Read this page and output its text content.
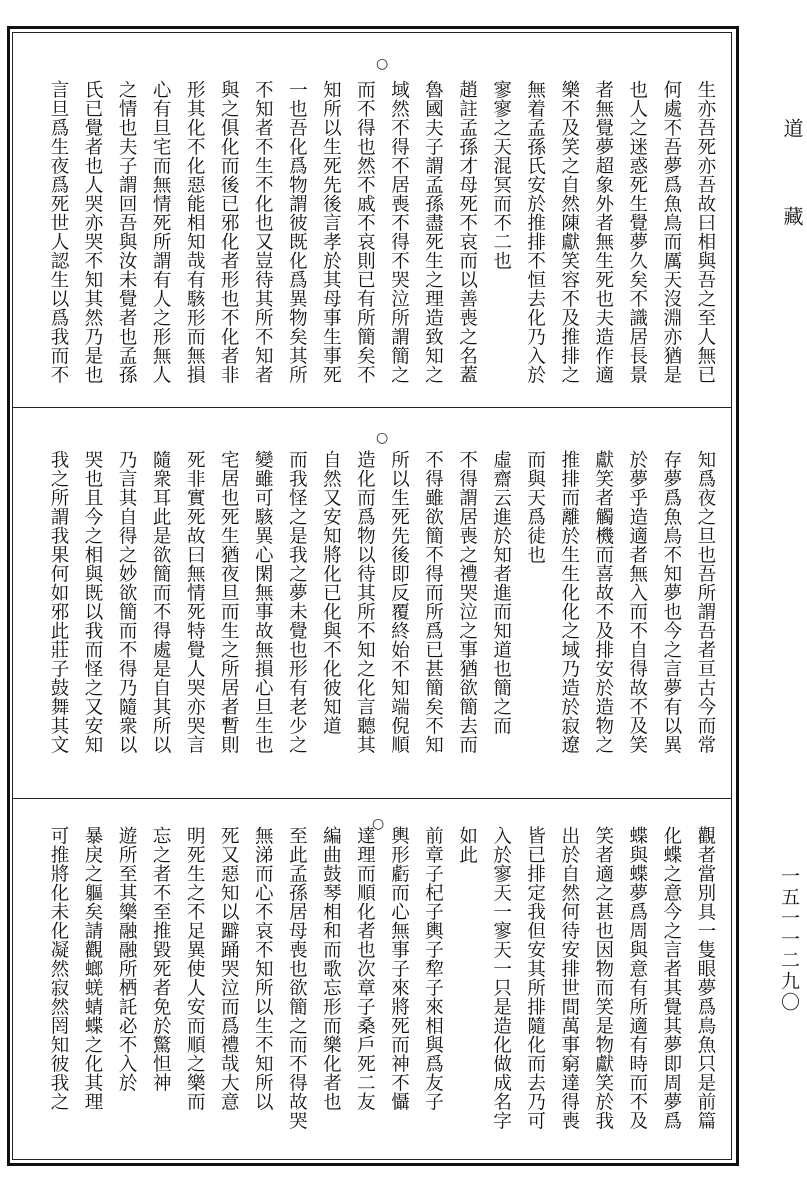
○
○
○
生亦吾死亦吾故曰相與吾之至人無已
何處不吾夢爲魚鳥而厲天沒淵亦猶是
也人之迷惑死生覺夢久矣不識居長景
者無覺夢超象外者無生死也夫造作適
樂不及笑之自然陳獻笑容不及推排之
無着孟孫氏安於推排不恒去化乃入於
寥寥之天混冥而不二也
趙註孟孫才母死不哀而以善喪之名蓋
魯國夫子謂孟孫盡死生之理造致知之
域然不得不居喪不得不哭泣所謂簡之
而不得也然不戚不哀則已有所簡矣不
知所以生死先後言孝於其母事生事死
一也吾化爲物謂彼既化爲異物矣其所
不知者不生不化也又豈待其所不知者
與之俱化而後已邪化者形也不化者非
形其化不化惡能相知哉有駭形而無損
心有旦宅而無情死所謂有人之形無人
之情也夫子謂回吾與汝未覺者也孟孫
氏已覺者也人哭亦哭不知其然乃是也
言旦爲生夜爲死世人認生以爲我而不
知爲夜之旦也吾所謂吾者亘古今而常
存夢爲魚鳥不知夢也今之言夢有以異
於夢乎造適者無入而不自得故不及笑
獻笑者觸機而喜故不及排安於造物之
推排而離於生生化化之域乃造於寂遼
而與天爲徒也
虛齋云進於知者進而知道也簡之而
不得謂居喪之禮哭泣之事猶欲簡去而
不得雖欲簡不得而所爲已甚簡矣不知
所以生死先後即反覆終始不知端倪順
造化而爲物以待其所不知之化言聽其
自然又安知將化已化與不化彼知道
而我怪之是我之夢未覺也形有老少之
變雖可駭異心閑無事故無損心旦生也
宅居也死生猶夜旦而生之所居者暫則
死非實死故曰無情死特覺人哭亦哭言
隨衆耳此是欲簡而不得處是自其所以
乃言其自得之妙欲簡而不得乃隨衆以
哭也且今之相與既以我而怪之又安知
我之所謂我果何如邪此莊子鼓舞其文
觀者當別具一隻眼夢爲鳥魚只是前篇
化蝶之意今之言者其覺其夢即周夢爲
蝶與蝶夢爲周與意有所適有時而不及
笑者適之甚也因物而笑是物獻笑於我
出於自然何待安排世間萬事窮達得喪
皆已排定我但安其所排隨化而去乃可
入於寥天一寥天一只是造化做成名字
如此
前章子杞子輿子犂子來相與爲友子
輿形虧而心無事子來將死而神不懾
達理而順化者也次章子桑戶死二友
編曲鼓琴相和而歌忘形而樂化者也
至此孟孫居母喪也欲簡之而不得故哭
無涕而心不哀不知所以生不知所以
死又惡知以躃踊哭泣而爲禮哉大意
明死生之不足異使人安而順之樂而
忘之者不至推毀死者免於驚怛神
遊所至其樂融融所栖託必不入於
暴戾之軀矣請觀螂蜣蜻蝶之化其理
可推將化未化凝然寂然罔知彼我之
道
藏
一五一一二九〇
